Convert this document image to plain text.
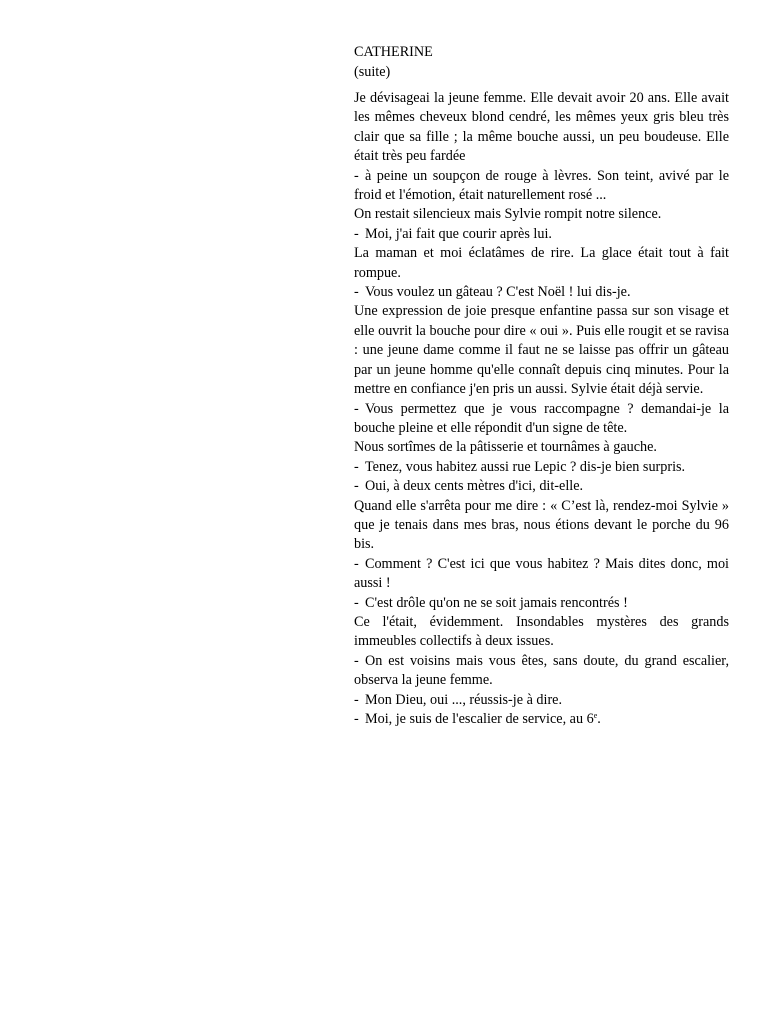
CATHERINE
(suite)

Je dévisageai la jeune femme. Elle devait avoir 20 ans. Elle avait les mêmes cheveux blond cendré, les mêmes yeux gris bleu très clair que sa fille ; la même bouche aussi, un peu boudeuse. Elle était très peu fardée

- à peine un soupçon de rouge à lèvres. Son teint, avivé par le froid et l'émotion, était naturellement rosé ...

On restait silencieux mais Sylvie rompit notre silence.

- Moi, j'ai fait que courir après lui.

La maman et moi éclatâmes de rire. La glace était tout à fait rompue.

- Vous voulez un gâteau ? C'est Noël ! lui dis-je.

Une expression de joie presque enfantine passa sur son visage et elle ouvrit la bouche pour dire « oui ». Puis elle rougit et se ravisa : une jeune dame comme il faut ne se laisse pas offrir un gâteau par un jeune homme qu'elle connaît depuis cinq minutes. Pour la mettre en confiance j'en pris un aussi. Sylvie était déjà servie.

- Vous permettez que je vous raccompagne ? demandai-je la bouche pleine et elle répondit d'un signe de tête.

Nous sortîmes de la pâtisserie et tournâmes à gauche.

- Tenez, vous habitez aussi rue Lepic ? dis-je bien surpris.

- Oui, à deux cents mètres d'ici, dit-elle.

Quand elle s'arrêta pour me dire : « C’est là, rendez-moi Sylvie » que je tenais dans mes bras, nous étions devant le porche du 96 bis.

- Comment ? C'est ici que vous habitez ? Mais dites donc, moi aussi !

- C'est drôle qu'on ne se soit jamais rencontrés !

Ce l'était, évidemment. Insondables mystères des grands immeubles collectifs à deux issues.

- On est voisins mais vous êtes, sans doute, du grand escalier, observa la jeune femme.

- Mon Dieu, oui ..., réussis-je à dire.

- Moi, je suis de l'escalier de service, au 6e.
